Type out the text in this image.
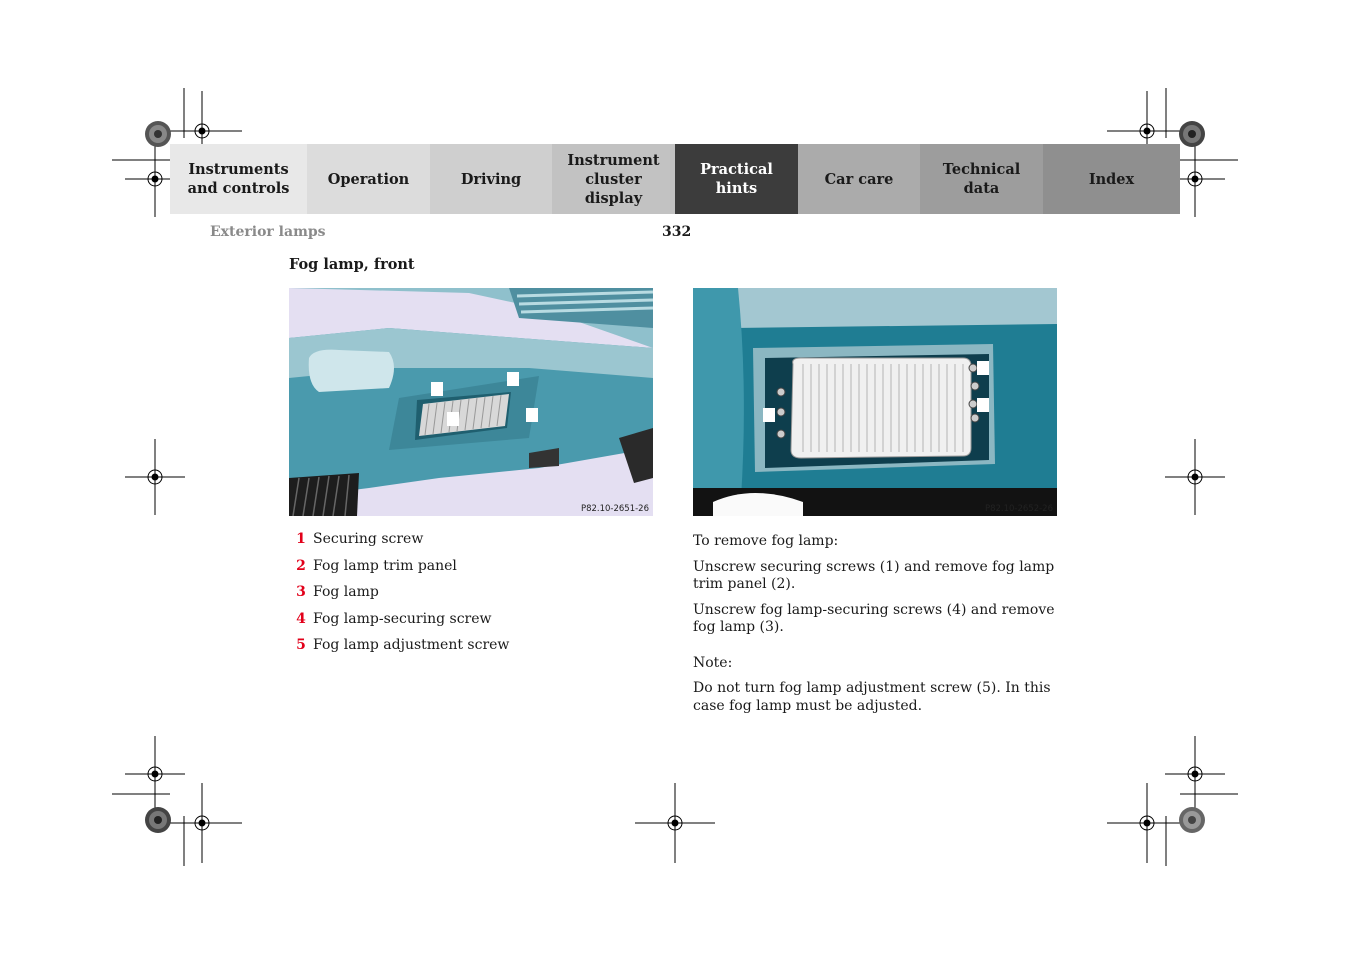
Instruments
and controls
Operation	Driving
Instrument
cluster display
Practical hints
Car care
Technical
data
Index
Exterior lamps	332
Fog lamp, front
P82.10-2651-26	P82.10-2652-26
1 Securing screw
2 Fog lamp trim panel
3 Fog lamp
4 Fog lamp-securing screw
5 Fog lamp adjustment screw

To remove fog lamp:

Unscrew securing screws (1) and remove fog lamp trim panel (2).

Unscrew fog lamp-securing screws (4) and remove fog lamp (3).

Note:

Do not turn fog lamp adjustment screw (5). In this case fog lamp must be adjusted.
